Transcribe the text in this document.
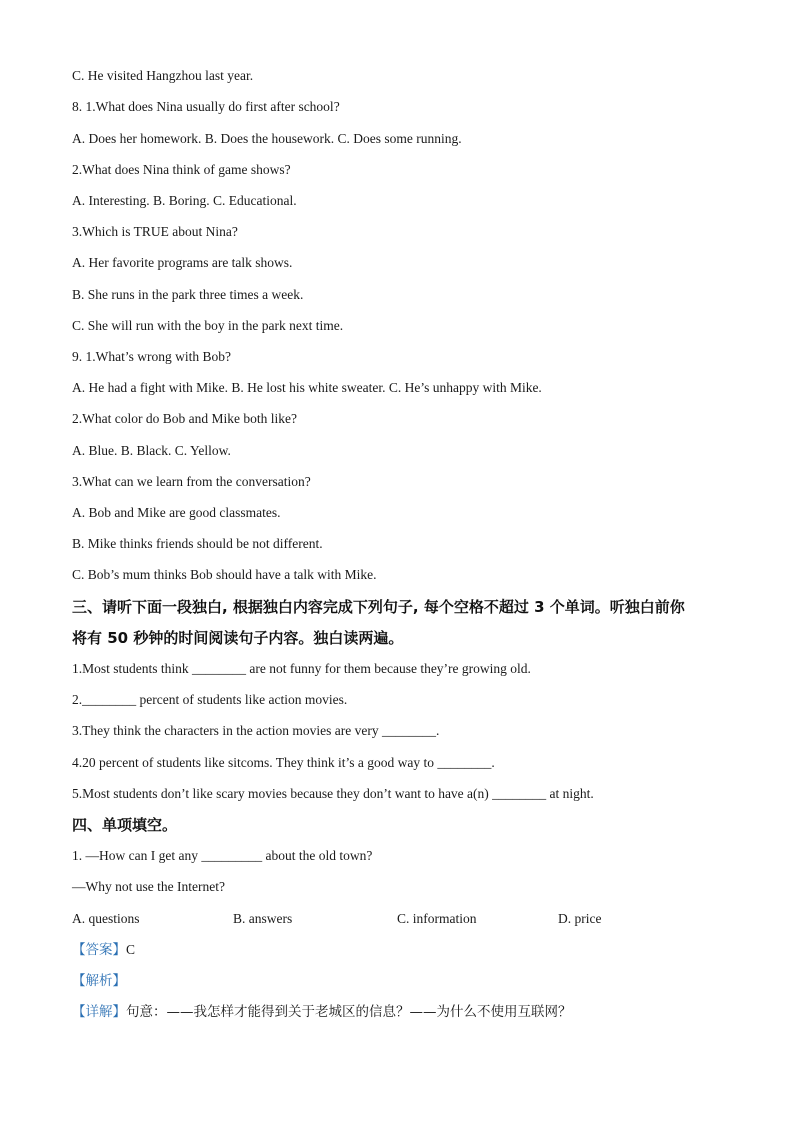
C. He visited Hangzhou last year.
8. 1.What does Nina usually do first after school?
A. Does her homework. B. Does the housework. C. Does some running.
2.What does Nina think of game shows?
A. Interesting. B. Boring. C. Educational.
3.Which is TRUE about Nina?
A. Her favorite programs are talk shows.
B. She runs in the park three times a week.
C. She will run with the boy in the park next time.
9. 1.What’s wrong with Bob?
A. He had a fight with Mike. B. He lost his white sweater. C. He’s unhappy with Mike.
2.What color do Bob and Mike both like?
A. Blue. B. Black. C. Yellow.
3.What can we learn from the conversation?
A. Bob and Mike are good classmates.
B. Mike thinks friends should be not different.
C. Bob’s mum thinks Bob should have a talk with Mike.
三、请听下面一段独白, 根据独白内容完成下列句子, 每个空格不超过 3 个单词。听独白前你
将有 50 秒钟的时间阅读句子内容。独白读两遍。
1.Most students think ________ are not funny for them because they’re growing old.
2.________ percent of students like action movies.
3.They think the characters in the action movies are very ________.
4.20 percent of students like sitcoms. They think it’s a good way to ________.
5.Most students don’t like scary movies because they don’t want to have a(n) ________ at night.
四、单项填空。
1. —How can I get any _________ about the old town?
—Why not use the Internet?
A. questions	B. answers	C. information	D. price
【答案】C
【解析】
【详解】句意：——我怎样才能得到关于老城区的信息？——为什么不使用互联网？
